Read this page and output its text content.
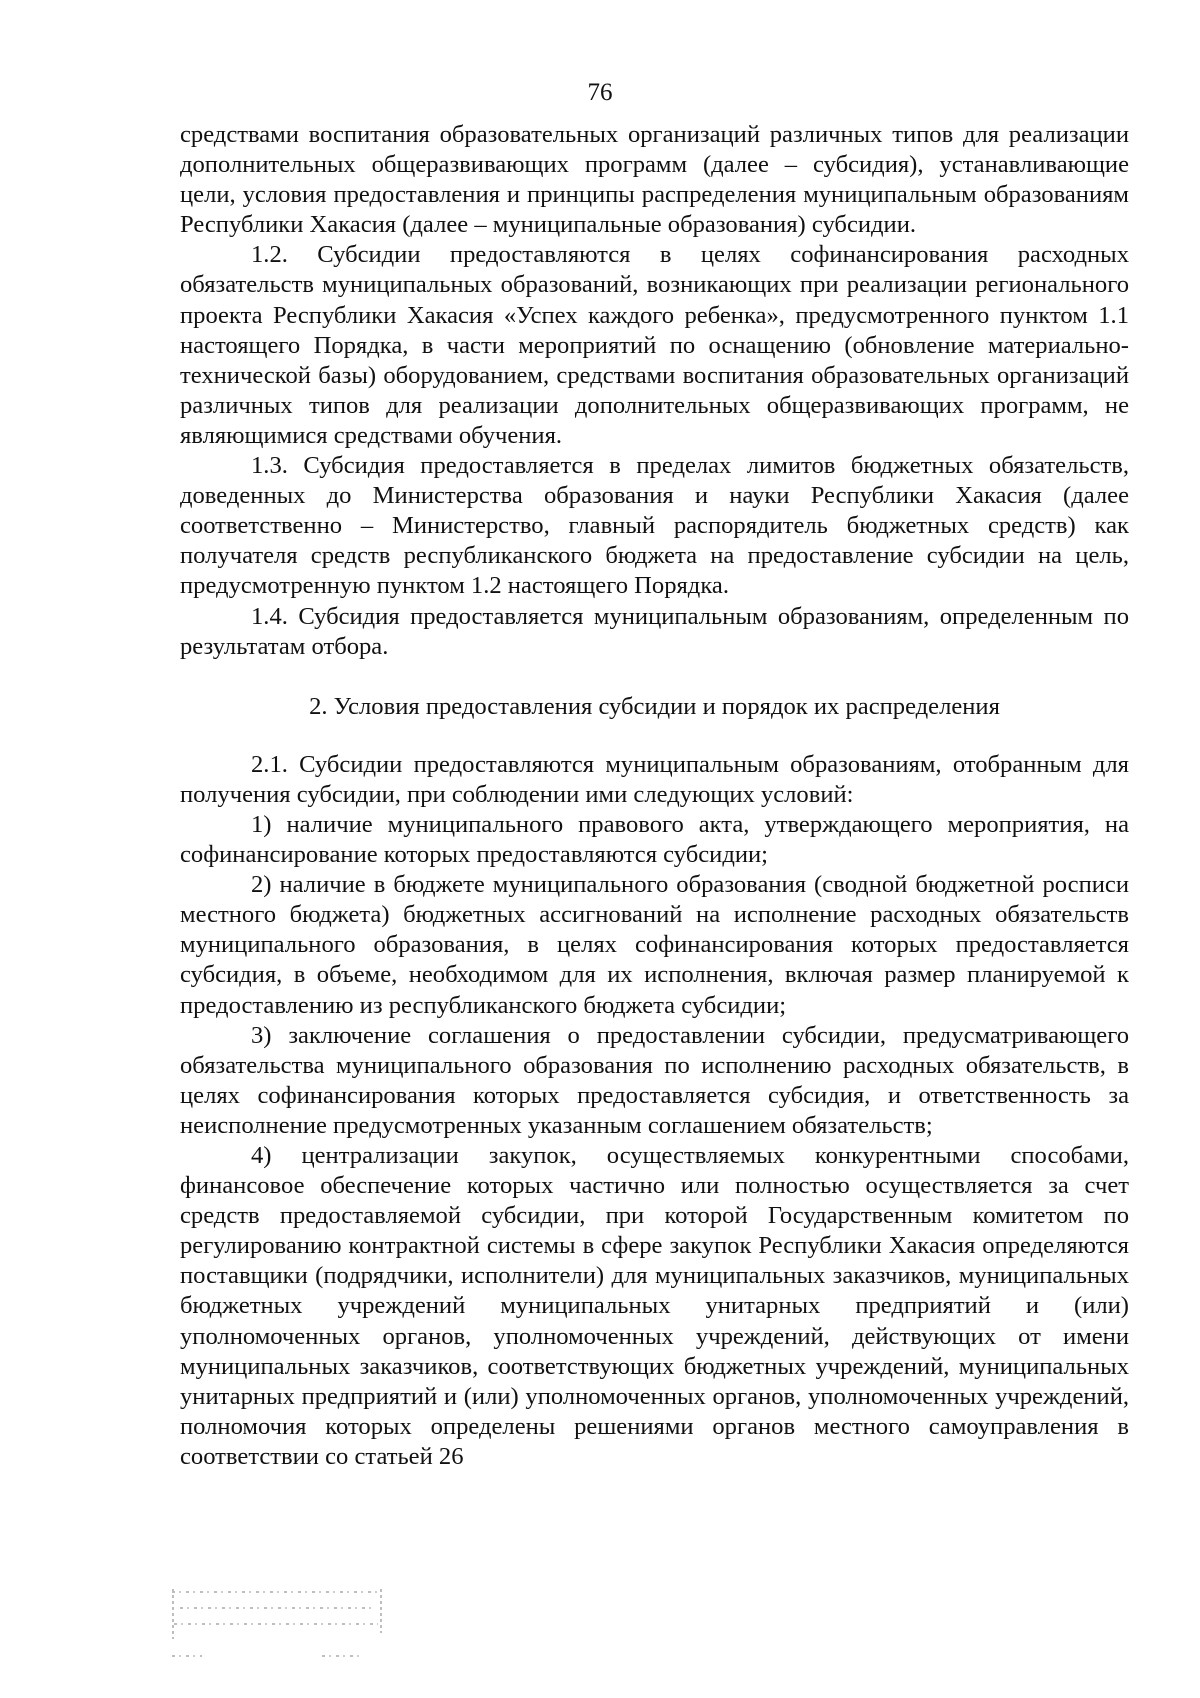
76

средствами воспитания образовательных организаций различных типов для реализации дополнительных общеразвивающих программ (далее – субсидия), устанавливающие цели, условия предоставления и принципы распределения муниципальным образованиям Республики Хакасия (далее – муниципальные образования) субсидии.

1.2. Субсидии предоставляются в целях софинансирования расходных обязательств муниципальных образований, возникающих при реализации регионального проекта Республики Хакасия «Успех каждого ребенка», предусмотренного пунктом 1.1 настоящего Порядка, в части мероприятий по оснащению (обновление материально-технической базы) оборудованием, средствами воспитания образовательных организаций различных типов для реализации дополнительных общеразвивающих программ, не являющимися средствами обучения.

1.3. Субсидия предоставляется в пределах лимитов бюджетных обязательств, доведенных до Министерства образования и науки Республики Хакасия (далее соответственно – Министерство, главный распорядитель бюджетных средств) как получателя средств республиканского бюджета на предоставление субсидии на цель, предусмотренную пунктом 1.2 настоящего Порядка.

1.4. Субсидия предоставляется муниципальным образованиям, определенным по результатам отбора.

2. Условия предоставления субсидии и порядок их распределения

2.1. Субсидии предоставляются муниципальным образованиям, отобранным для получения субсидии, при соблюдении ими следующих условий:

1) наличие муниципального правового акта, утверждающего мероприятия, на софинансирование которых предоставляются субсидии;

2) наличие в бюджете муниципального образования (сводной бюджетной росписи местного бюджета) бюджетных ассигнований на исполнение расходных обязательств муниципального образования, в целях софинансирования которых предоставляется субсидия, в объеме, необходимом для их исполнения, включая размер планируемой к предоставлению из республиканского бюджета субсидии;

3) заключение соглашения о предоставлении субсидии, предусматривающего обязательства муниципального образования по исполнению расходных обязательств, в целях софинансирования которых предоставляется субсидия, и ответственность за неисполнение предусмотренных указанным соглашением обязательств;

4) централизации закупок, осуществляемых конкурентными способами, финансовое обеспечение которых частично или полностью осуществляется за счет средств предоставляемой субсидии, при которой Государственным комитетом по регулированию контрактной системы в сфере закупок Республики Хакасия определяются поставщики (подрядчики, исполнители) для муниципальных заказчиков, муниципальных бюджетных учреждений муниципальных унитарных предприятий и (или) уполномоченных органов, уполномоченных учреждений, действующих от имени муниципальных заказчиков, соответствующих бюджетных учреждений, муниципальных унитарных предприятий и (или) уполномоченных органов, уполномоченных учреждений, полномочия которых определены решениями органов местного самоуправления в соответствии со статьей 26
